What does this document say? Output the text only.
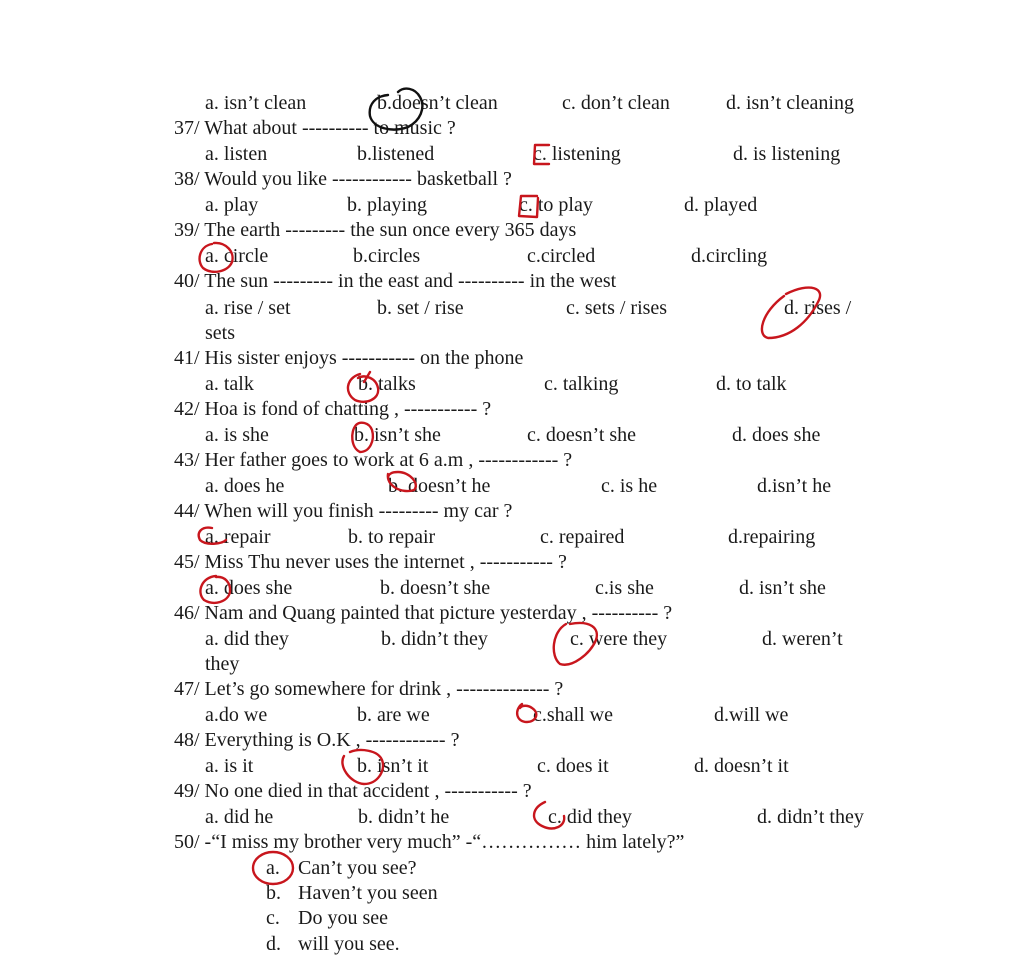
a. isn’t clean	b.doesn’t clean	c. don’t clean	d. isn’t cleaning
37/ What about ---------- to music ?
a. listen	b.listened	c. listening	d. is listening
38/ Would you like ------------ basketball ?
a. play	b. playing	c. to play	d. played
39/ The earth --------- the sun once every 365 days
a. circle	b.circles	c.circled	d.circling
40/ The sun --------- in the east and ---------- in the west
a. rise / set	b. set / rise	c. sets / rises	d. rises /
sets
41/ His sister enjoys ----------- on the phone
a. talk	b. talks	c. talking	d. to talk
42/ Hoa is fond of chatting , ----------- ?
a. is she	b. isn’t she	c. doesn’t she	d. does she
43/ Her father goes to work at 6 a.m , ------------ ?
a. does he	b. doesn’t he	c. is he	d.isn’t he
44/ When will you finish --------- my car ?
a. repair	b. to repair	c. repaired	d.repairing
45/ Miss Thu never uses the internet , ----------- ?
a. does she	b. doesn’t she	c.is she	d. isn’t she
46/ Nam and Quang painted that picture yesterday , ---------- ?
a. did they	b. didn’t they	c. were they	d. weren’t
they
47/ Let’s go somewhere for drink , -------------- ?
a.do we	b. are we	c.shall we	d.will we
48/ Everything is O.K , ------------ ?
a. is it	b. isn’t it	c. does it	d. doesn’t it
49/ No one died in that accident , ----------- ?
a. did he	b. didn’t he	c. did they	d. didn’t they
50/ -“I miss my brother very much” -“…………… him lately?”
a. Can’t you see?
b. Haven’t you seen
c. Do you see
d. will you see.
